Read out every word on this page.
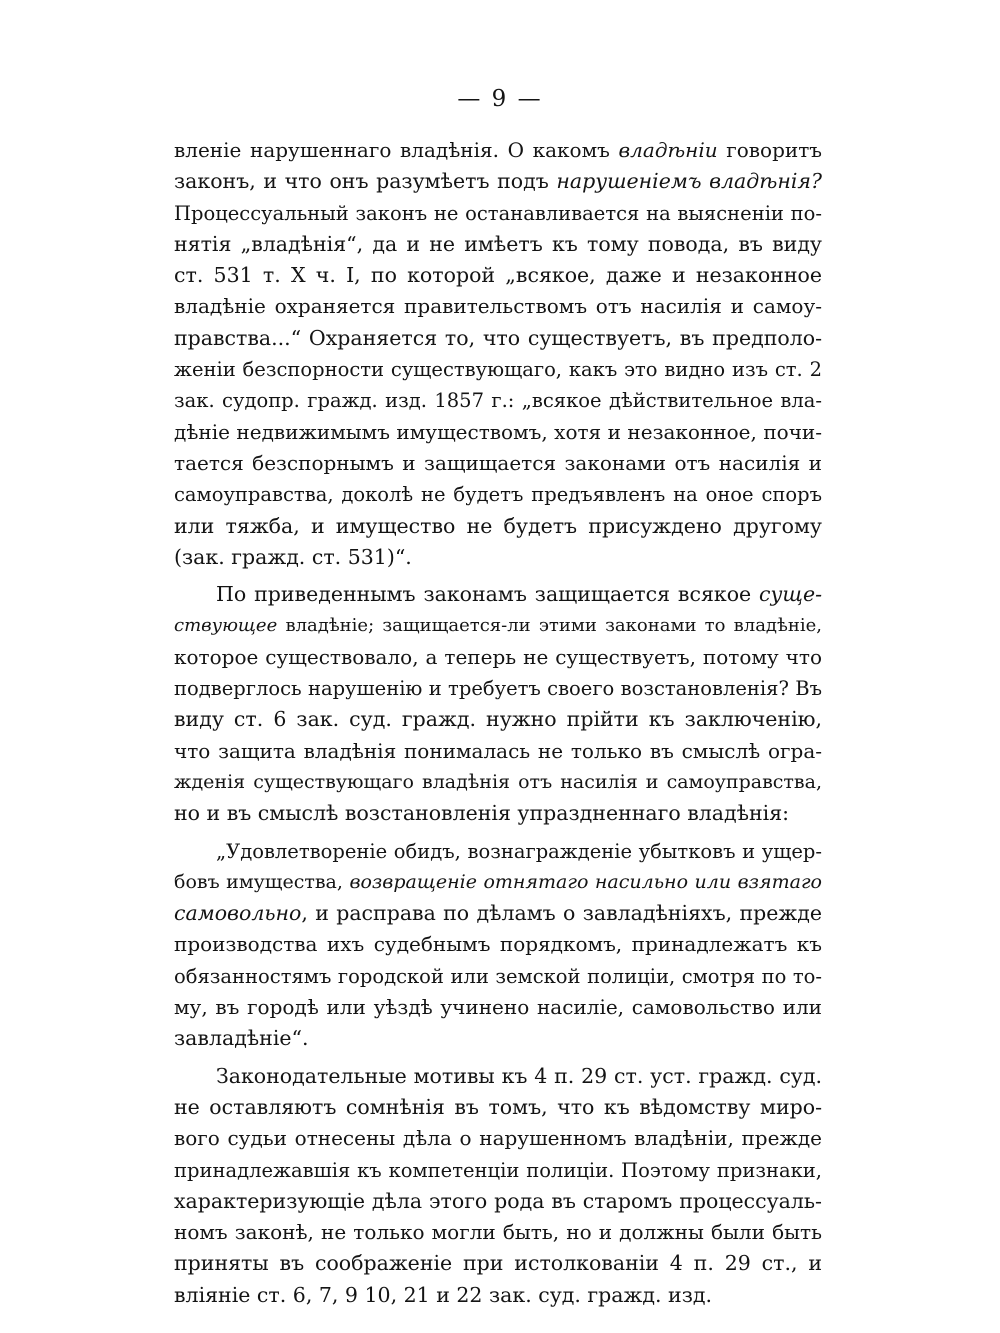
— 9 —
вленіе нарушеннаго владѣнія. О какомъ владѣніи говоритъ
законъ, и что онъ разумѣетъ подъ нарушеніемъ владѣнія?
Процессуальный законъ не останавливается на выясненіи по-
нятія „владѣнія“, да и не имѣетъ къ тому повода, въ виду
ст. 531 т. X ч. I, по которой „всякое, даже и незаконное
владѣніе охраняется правительствомъ отъ насилія и самоу-
правства...“ Охраняется то, что существуетъ, въ предполо-
женіи безспорности существующаго, какъ это видно изъ ст. 2
зак. судопр. гражд. изд. 1857 г.: „всякое дѣйствительное вла-
дѣніе недвижимымъ имуществомъ, хотя и незаконное, почи-
тается безспорнымъ и защищается законами отъ насилія и
самоуправства, доколѣ не будетъ предъявленъ на оное споръ
или тяжба, и имущество не будетъ присуждено другому
(зак. гражд. ст. 531)“.
По приведеннымъ законамъ защищается всякое суще-
ствующее владѣніе; защищается-ли этими законами то владѣніе,
которое существовало, а теперь не существуетъ, потому что
подверглось нарушенію и требуетъ своего возстановленія? Въ
виду ст. 6 зак. суд. гражд. нужно прійти къ заключенію,
что защита владѣнія понималась не только въ смыслѣ огра-
жденія существующаго владѣнія отъ насилія и самоуправства,
но и въ смыслѣ возстановленія упраздненнаго владѣнія:
„Удовлетвореніе обидъ, вознагражденіе убытковъ и ущер-
бовъ имущества, возвращеніе отнятаго насильно или взятаго
самовольно, и расправа по дѣламъ о завладѣніяхъ, прежде
производства ихъ судебнымъ порядкомъ, принадлежатъ къ
обязанностямъ городской или земской полиціи, смотря по то-
му, въ городѣ или уѣздѣ учинено насиліе, самовольство или
завладѣніе“.
Законодательные мотивы къ 4 п. 29 ст. уст. гражд. суд.
не оставляютъ сомнѣнія въ томъ, что къ вѣдомству миро-
вого судьи отнесены дѣла о нарушенномъ владѣніи, прежде
принадлежавшія къ компетенціи полиціи. Поэтому признаки,
характеризующіе дѣла этого рода въ старомъ процессуаль-
номъ законѣ, не только могли быть, но и должны были быть
приняты въ соображеніе при истолкованіи 4 п. 29 ст., и
вліяніе ст. 6, 7, 9 10, 21 и 22 зак. суд. гражд. изд.
